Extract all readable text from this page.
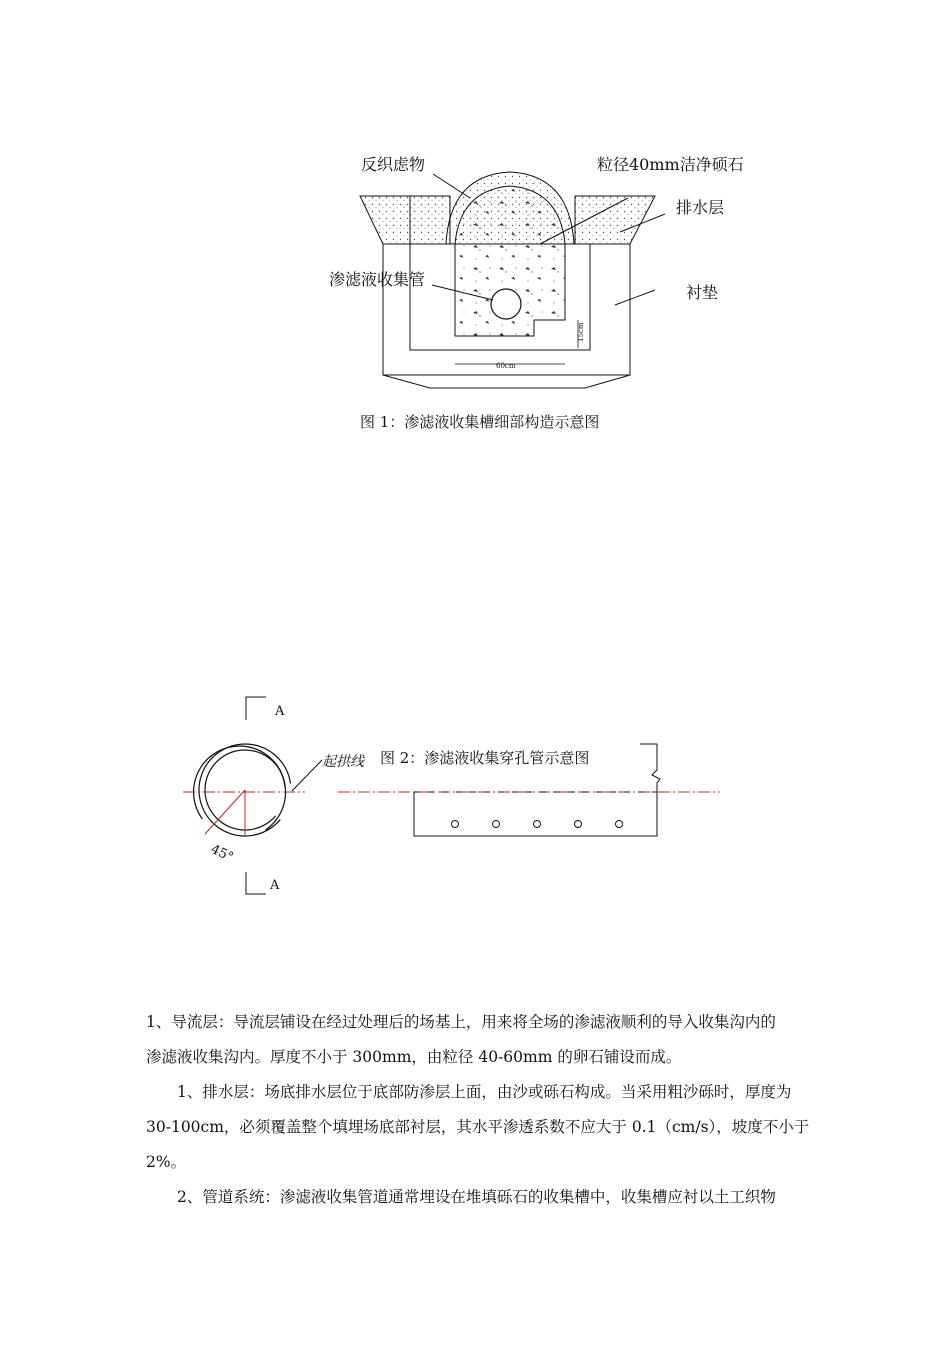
反织虑物	粒径40mm洁净硕石
排水层
渗滤液收集管
衬垫
60cm
15cm
图 1：渗滤液收集槽细部构造示意图
A
A
45°
起拱线 图 2：渗滤液收集穿孔管示意图

1、导流层：导流层铺设在经过处理后的场基上，用来将全场的渗滤液顺利的导入收集沟内的

渗滤液收集沟内。厚度不小于 300mm，由粒径 40-60mm 的卵石铺设而成。

1、排水层：场底排水层位于底部防渗层上面，由沙或砾石构成。当采用粗沙砾时，厚度为 30-100cm，必须覆盖整个填埋场底部衬层，其水平渗透系数不应大于 0.1（cm/s），坡度不小于 2%。

2、管道系统：渗滤液收集管道通常埋设在堆填砾石的收集槽中，收集槽应衬以土工织物
